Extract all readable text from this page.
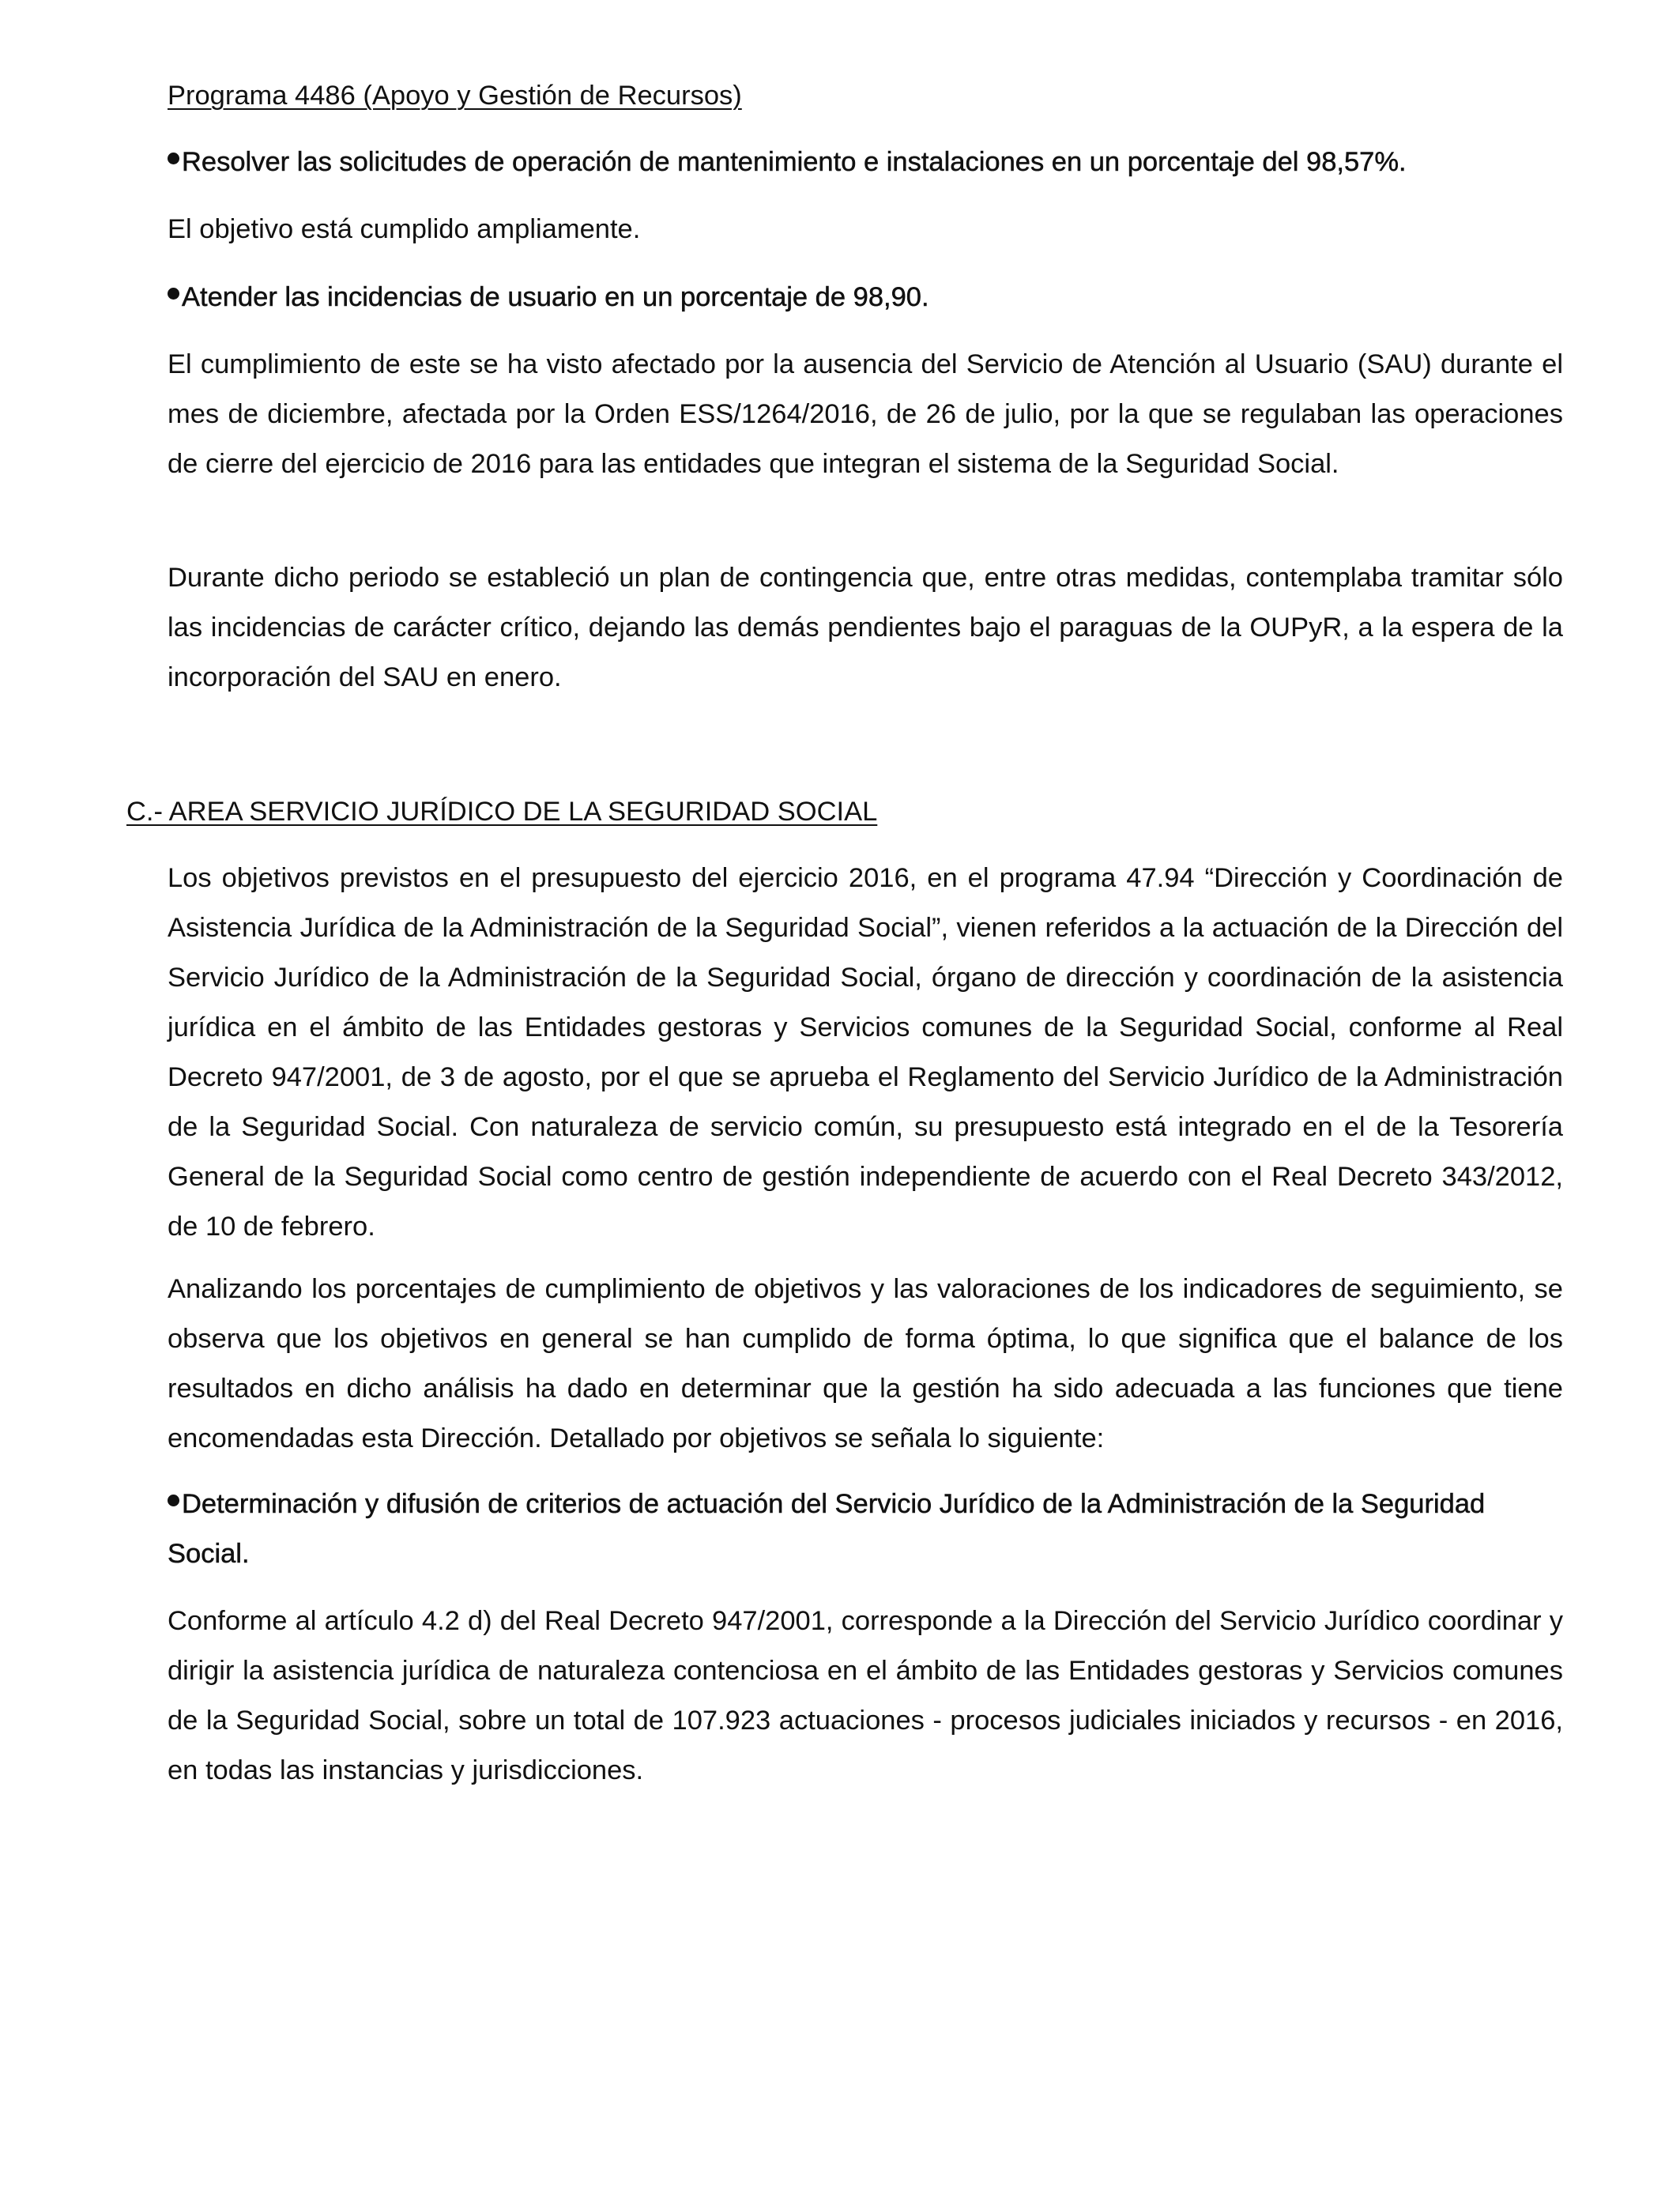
Programa 4486 (Apoyo y Gestión de Recursos)

Resolver las solicitudes de operación de mantenimiento e instalaciones en un porcentaje del 98,57%.

El objetivo está cumplido ampliamente.

Atender las incidencias de usuario en un porcentaje de 98,90.

El cumplimiento de este se ha visto afectado por la ausencia del Servicio de Atención al Usuario (SAU) durante el mes de diciembre, afectada por la Orden ESS/1264/2016, de 26 de julio, por la que se regulaban las operaciones de cierre del ejercicio de 2016 para las entidades que integran el sistema de la Seguridad Social.

Durante dicho periodo se estableció un plan de contingencia que, entre otras medidas, contemplaba tramitar sólo las incidencias de carácter crítico, dejando las demás pendientes bajo el paraguas de la OUPyR, a la espera de la incorporación del SAU en enero.

C.- AREA SERVICIO JURÍDICO DE LA SEGURIDAD SOCIAL

Los objetivos previstos en el presupuesto del ejercicio 2016, en el programa 47.94 “Dirección y Coordinación de Asistencia Jurídica de la Administración de la Seguridad Social”, vienen referidos a la actuación de la Dirección del Servicio Jurídico de la Administración de la Seguridad Social, órgano de dirección y coordinación de la asistencia jurídica en el ámbito de las Entidades gestoras y Servicios comunes de la Seguridad Social, conforme al Real Decreto 947/2001, de 3 de agosto, por el que se aprueba el Reglamento del Servicio Jurídico de la Administración de la Seguridad Social. Con naturaleza de servicio común, su presupuesto está integrado en el de la Tesorería General de la Seguridad Social como centro de gestión independiente de acuerdo con el Real Decreto 343/2012, de 10 de febrero.

Analizando los porcentajes de cumplimiento de objetivos y las valoraciones de los indicadores de seguimiento, se observa que los objetivos en general se han cumplido de forma óptima, lo que significa que el balance de los resultados en dicho análisis ha dado en determinar que la gestión ha sido adecuada a las funciones que tiene encomendadas esta Dirección. Detallado por objetivos se señala lo siguiente:

Determinación y difusión de criterios de actuación del Servicio Jurídico de la Administración de la Seguridad Social.

Conforme al artículo 4.2 d) del Real Decreto 947/2001, corresponde a la Dirección del Servicio Jurídico coordinar y dirigir la asistencia jurídica de naturaleza contenciosa en el ámbito de las Entidades gestoras y Servicios comunes de la Seguridad Social, sobre un total de 107.923 actuaciones - procesos judiciales iniciados y recursos - en 2016, en todas las instancias y jurisdicciones.
